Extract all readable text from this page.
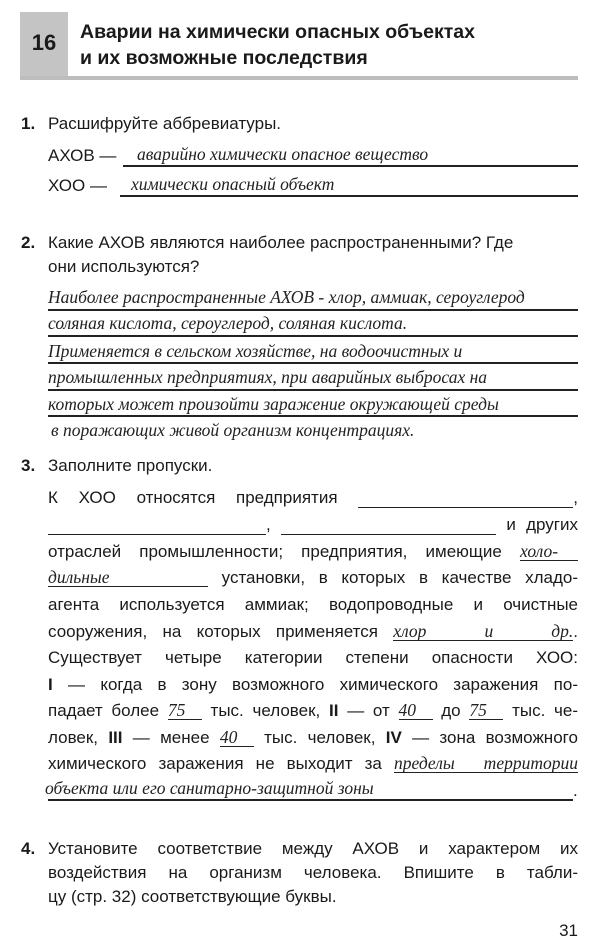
16	Аварии на химически опасных объектах
и их возможные последствия
1. Расшифруйте аббревиатуры.
АХОВ —	аварийно химически опасное вещество
ХОО —	химически опасный объект
2. Какие АХОВ являются наиболее распространенными? Где
они используются?
Наиболее распространенные АХОВ - хлор, аммиак, сероуглерод
соляная кислота, сероуглерод, соляная кислота.
Применяется в сельском хозяйстве, на водоочистных и
промышленных предприятиях, при аварийных выбросах на
которых может произойти заражение окружающей среды
в поражающих живой организм концентрациях.
3. Заполните пропуски.
К ХОО относятся предприятия	,
,	и других
отраслей промышленности; предприятия, имеющие холо-
дильные	установки, в которых в качестве хладо-
агента используется аммиак; водопроводные и очистные
сооружения, на которых применяется хлор и др..
Существует четыре категории степени опасности ХОО:
I — когда в зону возможного химического заражения по-
падает более 75 тыс. человек, II — от 40 до 75 тыс. че-
ловек, III — менее 40 тыс. человек, IV — зона возможного
химического заражения не выходит за пределы территории
объекта или его санитарно-защитной зоны	.
4. Установите соответствие между АХОВ и характером их
воздействия на организм человека. Впишите в табли-
цу (стр. 32) соответствующие буквы.
31
